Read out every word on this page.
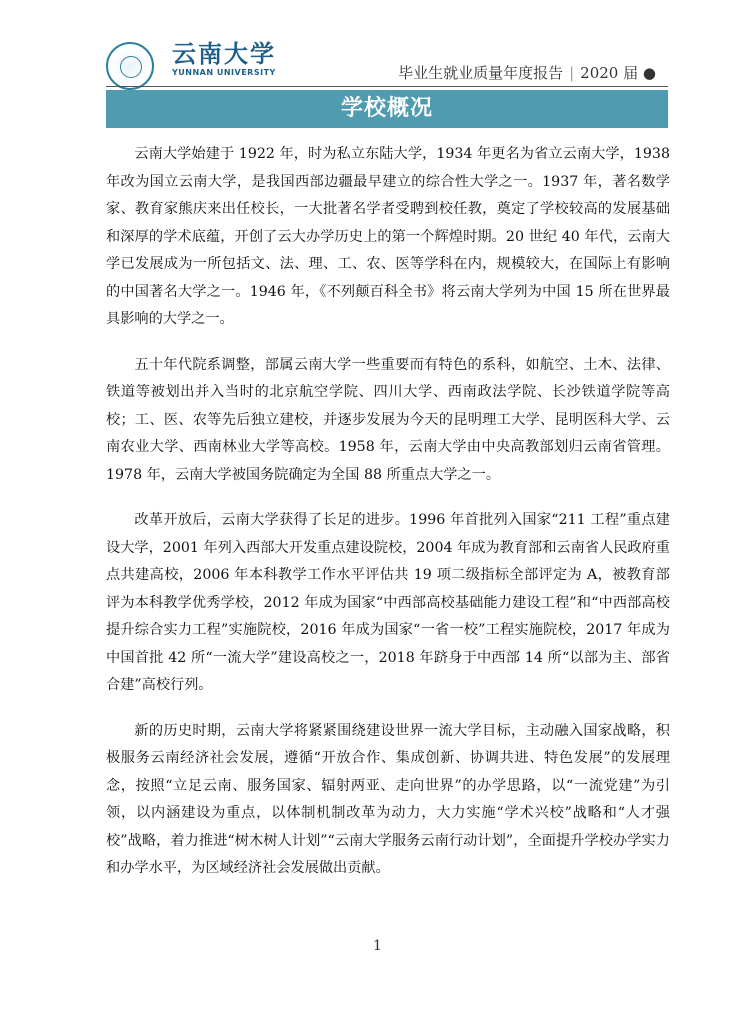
云南大学
YUNNAN UNIVERSITY	毕业生就业质量年度报告 | 2020 届 ●
学校概况

云南大学始建于 1922 年，时为私立东陆大学，1934 年更名为省立云南大学，1938 年改为国立云南大学，是我国西部边疆最早建立的综合性大学之一。1937 年，著名数学家、教育家熊庆来出任校长，一大批著名学者受聘到校任教，奠定了学校较高的发展基础和深厚的学术底蕴，开创了云大办学历史上的第一个辉煌时期。20 世纪 40 年代，云南大学已发展成为一所包括文、法、理、工、农、医等学科在内，规模较大，在国际上有影响的中国著名大学之一。1946 年，《不列颠百科全书》将云南大学列为中国 15 所在世界最具影响的大学之一。

五十年代院系调整，部属云南大学一些重要而有特色的系科，如航空、土木、法律、铁道等被划出并入当时的北京航空学院、四川大学、西南政法学院、长沙铁道学院等高校；工、医、农等先后独立建校，并逐步发展为今天的昆明理工大学、昆明医科大学、云南农业大学、西南林业大学等高校。1958 年，云南大学由中央高教部划归云南省管理。1978 年，云南大学被国务院确定为全国 88 所重点大学之一。

改革开放后，云南大学获得了长足的进步。1996 年首批列入国家“211 工程”重点建设大学，2001 年列入西部大开发重点建设院校，2004 年成为教育部和云南省人民政府重点共建高校，2006 年本科教学工作水平评估共 19 项二级指标全部评定为 A，被教育部评为本科教学优秀学校，2012 年成为国家“中西部高校基础能力建设工程”和“中西部高校提升综合实力工程”实施院校，2016 年成为国家“一省一校”工程实施院校，2017 年成为中国首批 42 所“一流大学”建设高校之一，2018 年跻身于中西部 14 所“以部为主、部省合建”高校行列。

新的历史时期，云南大学将紧紧围绕建设世界一流大学目标，主动融入国家战略，积极服务云南经济社会发展，遵循“开放合作、集成创新、协调共进、特色发展”的发展理念，按照“立足云南、服务国家、辐射两亚、走向世界”的办学思路，以“一流党建”为引领，以内涵建设为重点，以体制机制改革为动力，大力实施“学术兴校”战略和“人才强校”战略，着力推进“树木树人计划”“云南大学服务云南行动计划”，全面提升学校办学实力和办学水平，为区域经济社会发展做出贡献。

1
